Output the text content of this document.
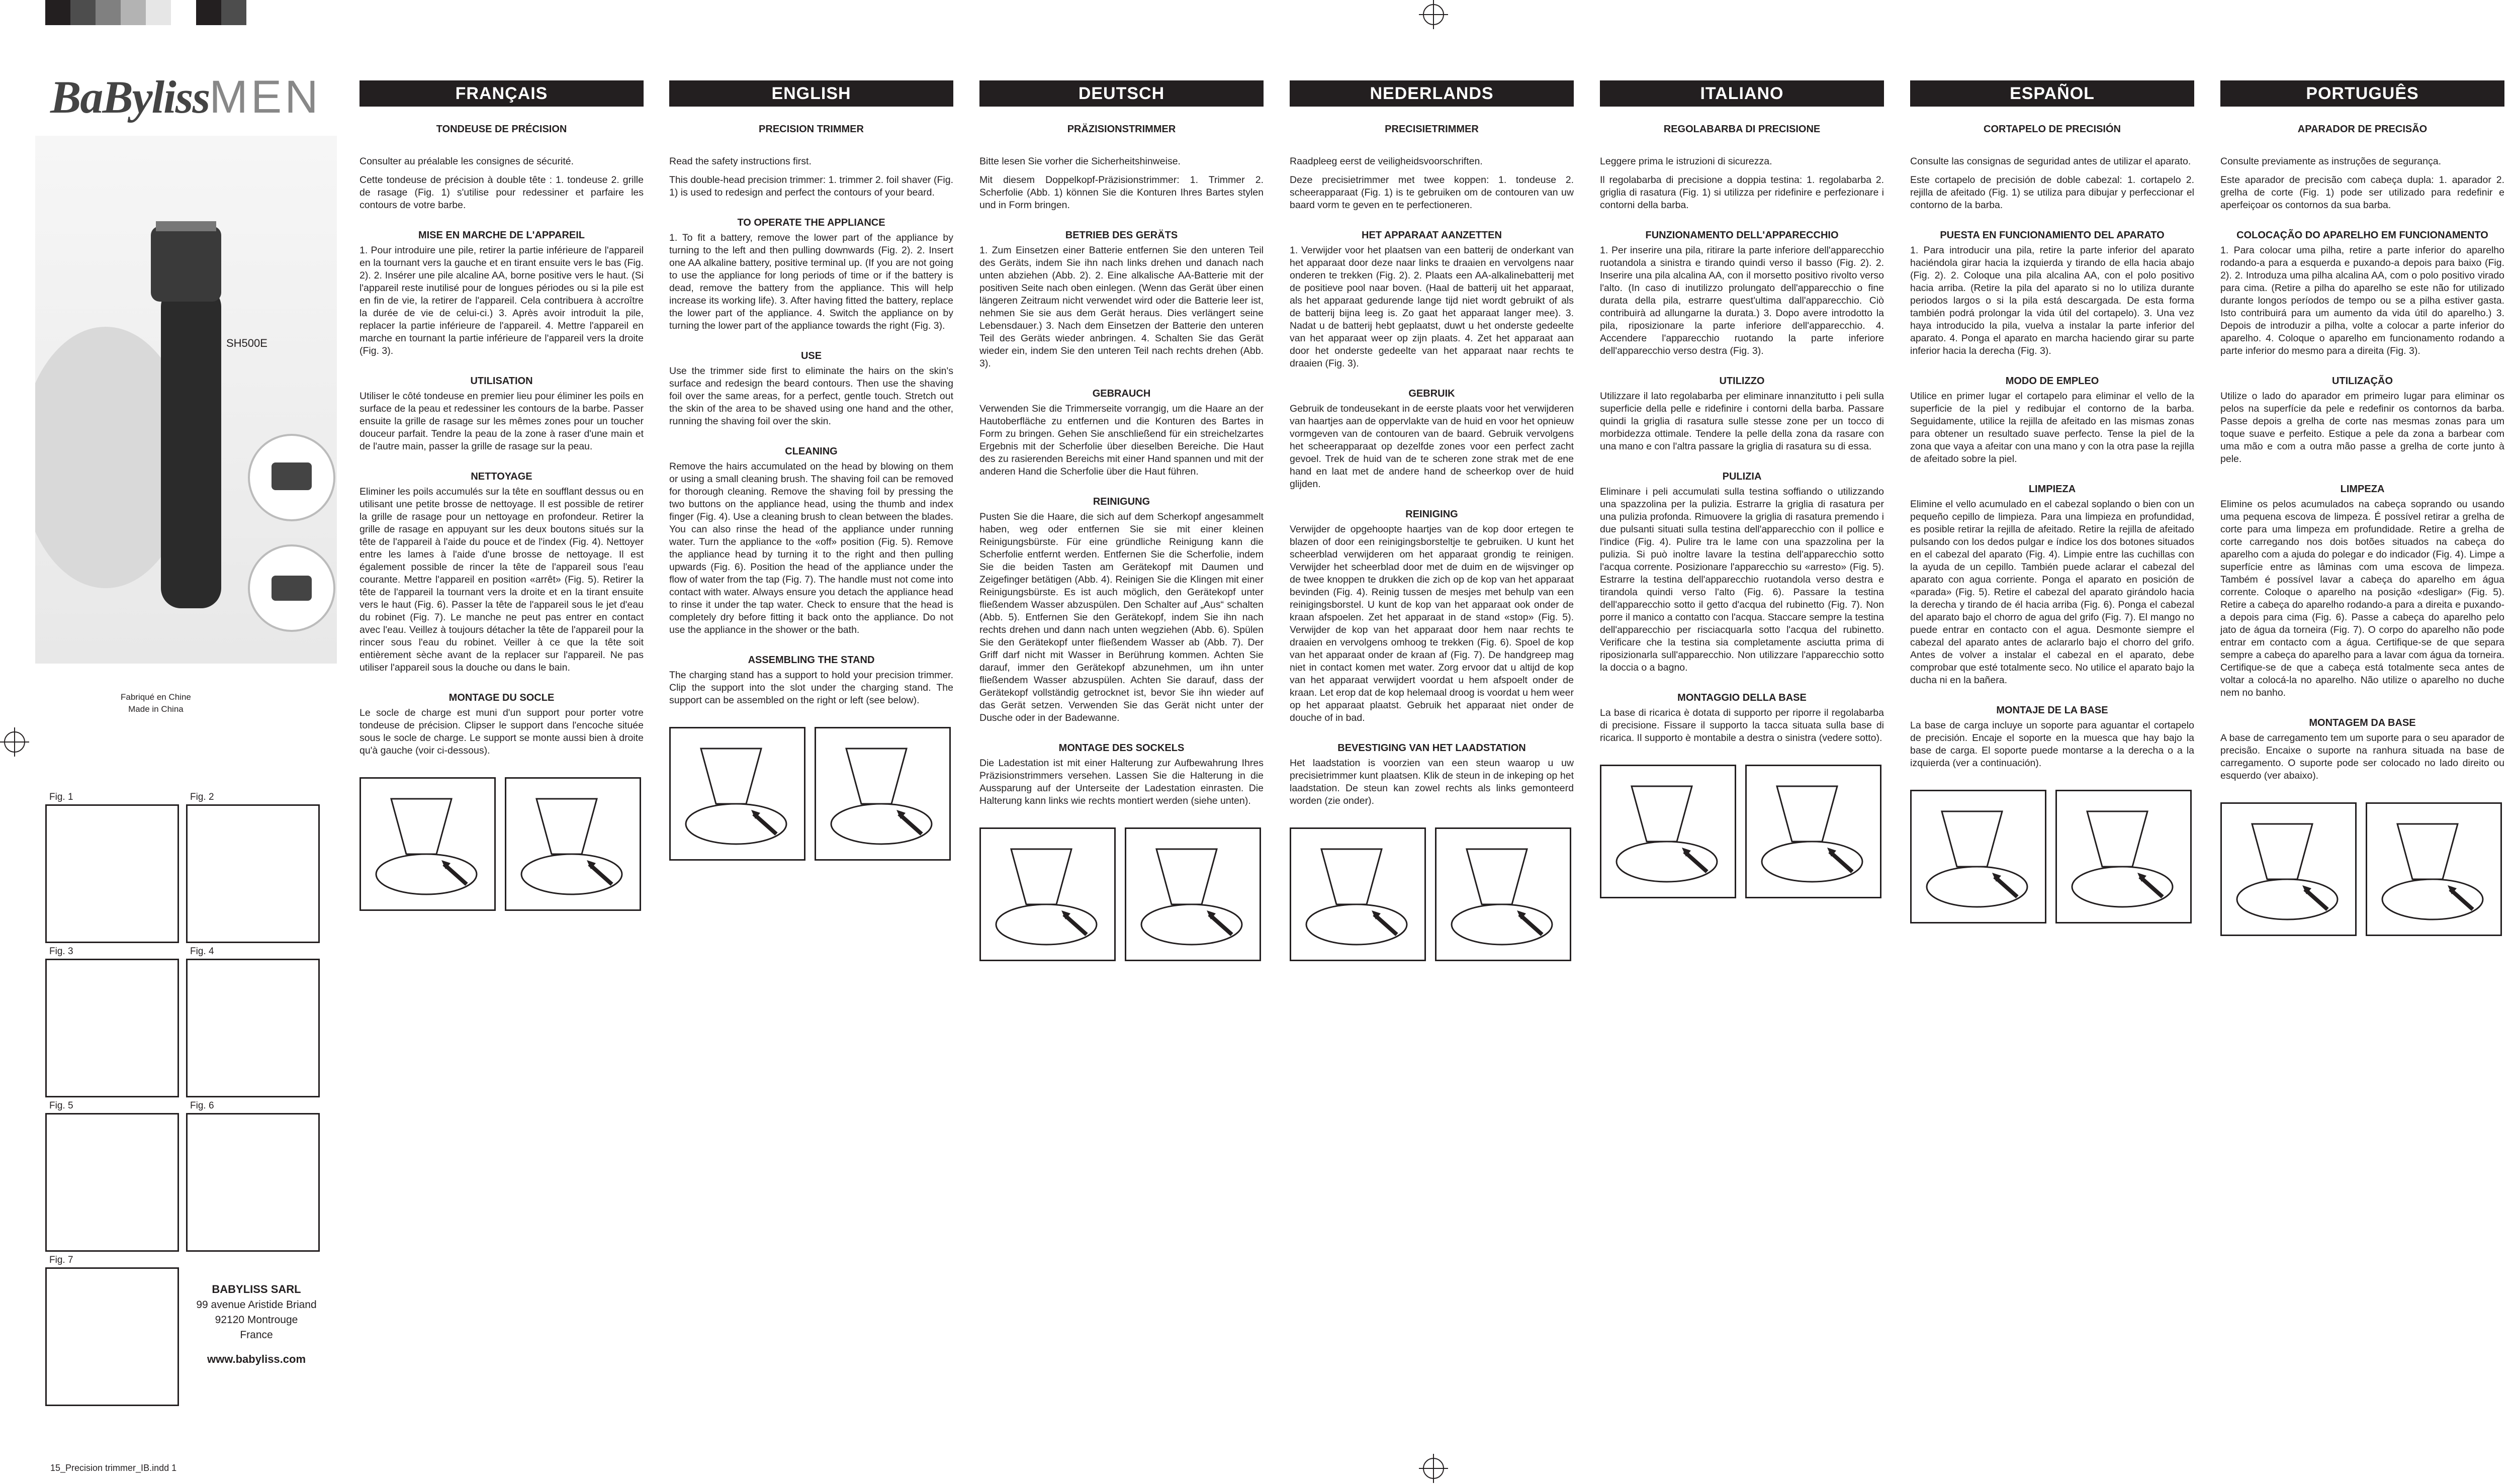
BaBylissMEN
SH500E
Fabriqué en Chine
Made in China
Fig. 1	Fig. 2
Fig. 3	Fig. 4
Fig. 5	Fig. 6
Fig. 7
BABYLISS SARL
99 avenue Aristide Briand
92120 Montrouge
France
www.babyliss.com
15_Precision trimmer_IB.indd 1
FRANÇAIS
TONDEUSE DE PRÉCISION
Consulter au préalable les consignes de sécurité.
Cette tondeuse de précision à double tête : 1. tondeuse 2. grille de rasage (Fig. 1) s'utilise pour redessiner et parfaire les contours de votre barbe.
MISE EN MARCHE DE L'APPAREIL
1. Pour introduire une pile, retirer la partie inférieure de l'appareil en la tournant vers la gauche et en tirant ensuite vers le bas (Fig. 2). 2. Insérer une pile alcaline AA, borne positive vers le haut. (Si l'appareil reste inutilisé pour de longues périodes ou si la pile est en fin de vie, la retirer de l'appareil. Cela contribuera à accroître la durée de vie de celui-ci.) 3. Après avoir introduit la pile, replacer la partie inférieure de l'appareil. 4. Mettre l'appareil en marche en tournant la partie inférieure de l'appareil vers la droite (Fig. 3).
UTILISATION
Utiliser le côté tondeuse en premier lieu pour éliminer les poils en surface de la peau et redessiner les contours de la barbe. Passer ensuite la grille de rasage sur les mêmes zones pour un toucher douceur parfait. Tendre la peau de la zone à raser d'une main et de l'autre main, passer la grille de rasage sur la peau.
NETTOYAGE
Eliminer les poils accumulés sur la tête en soufflant dessus ou en utilisant une petite brosse de nettoyage. Il est possible de retirer la grille de rasage pour un nettoyage en profondeur. Retirer la grille de rasage en appuyant sur les deux boutons situés sur la tête de l'appareil à l'aide du pouce et de l'index (Fig. 4). Nettoyer entre les lames à l'aide d'une brosse de nettoyage. Il est également possible de rincer la tête de l'appareil sous l'eau courante. Mettre l'appareil en position «arrêt» (Fig. 5). Retirer la tête de l'appareil la tournant vers la droite et en la tirant ensuite vers le haut (Fig. 6). Passer la tête de l'appareil sous le jet d'eau du robinet (Fig. 7). Le manche ne peut pas entrer en contact avec l'eau. Veillez à toujours détacher la tête de l'appareil pour la rincer sous l'eau du robinet. Veiller à ce que la tête soit entièrement sèche avant de la replacer sur l'appareil. Ne pas utiliser l'appareil sous la douche ou dans le bain.
MONTAGE DU SOCLE
Le socle de charge est muni d'un support pour porter votre tondeuse de précision. Clipser le support dans l'encoche située sous le socle de charge. Le support se monte aussi bien à droite qu'à gauche (voir ci-dessous).
ENGLISH
PRECISION TRIMMER
Read the safety instructions first.
This double-head precision trimmer: 1. trimmer 2. foil shaver (Fig. 1) is used to redesign and perfect the contours of your beard.
TO OPERATE THE APPLIANCE
1. To fit a battery, remove the lower part of the appliance by turning to the left and then pulling downwards (Fig. 2). 2. Insert one AA alkaline battery, positive terminal up. (If you are not going to use the appliance for long periods of time or if the battery is dead, remove the battery from the appliance. This will help increase its working life). 3. After having fitted the battery, replace the lower part of the appliance. 4. Switch the appliance on by turning the lower part of the appliance towards the right (Fig. 3).
USE
Use the trimmer side first to eliminate the hairs on the skin's surface and redesign the beard contours. Then use the shaving foil over the same areas, for a perfect, gentle touch. Stretch out the skin of the area to be shaved using one hand and the other, running the shaving foil over the skin.
CLEANING
Remove the hairs accumulated on the head by blowing on them or using a small cleaning brush. The shaving foil can be removed for thorough cleaning. Remove the shaving foil by pressing the two buttons on the appliance head, using the thumb and index finger (Fig. 4). Use a cleaning brush to clean between the blades. You can also rinse the head of the appliance under running water. Turn the appliance to the «off» position (Fig. 5). Remove the appliance head by turning it to the right and then pulling upwards (Fig. 6). Position the head of the appliance under the flow of water from the tap (Fig. 7). The handle must not come into contact with water. Always ensure you detach the appliance head to rinse it under the tap water. Check to ensure that the head is completely dry before fitting it back onto the appliance. Do not use the appliance in the shower or the bath.
ASSEMBLING THE STAND
The charging stand has a support to hold your precision trimmer. Clip the support into the slot under the charging stand. The support can be assembled on the right or left (see below).
DEUTSCH
PRÄZISIONSTRIMMER
Bitte lesen Sie vorher die Sicherheitshinweise.
Mit diesem Doppelkopf-Präzisionstrimmer: 1. Trimmer 2. Scherfolie (Abb. 1) können Sie die Konturen Ihres Bartes stylen und in Form bringen.
BETRIEB DES GERÄTS
1. Zum Einsetzen einer Batterie entfernen Sie den unteren Teil des Geräts, indem Sie ihn nach links drehen und danach nach unten abziehen (Abb. 2). 2. Eine alkalische AA-Batterie mit der positiven Seite nach oben einlegen. (Wenn das Gerät über einen längeren Zeitraum nicht verwendet wird oder die Batterie leer ist, nehmen Sie sie aus dem Gerät heraus. Dies verlängert seine Lebensdauer.) 3. Nach dem Einsetzen der Batterie den unteren Teil des Geräts wieder anbringen. 4. Schalten Sie das Gerät wieder ein, indem Sie den unteren Teil nach rechts drehen (Abb. 3).
GEBRAUCH
Verwenden Sie die Trimmerseite vorrangig, um die Haare an der Hautoberfläche zu entfernen und die Konturen des Bartes in Form zu bringen. Gehen Sie anschließend für ein streichelzartes Ergebnis mit der Scherfolie über dieselben Bereiche. Die Haut des zu rasierenden Bereichs mit einer Hand spannen und mit der anderen Hand die Scherfolie über die Haut führen.
REINIGUNG
Pusten Sie die Haare, die sich auf dem Scherkopf angesammelt haben, weg oder entfernen Sie sie mit einer kleinen Reinigungsbürste. Für eine gründliche Reinigung kann die Scherfolie entfernt werden. Entfernen Sie die Scherfolie, indem Sie die beiden Tasten am Gerätekopf mit Daumen und Zeigefinger betätigen (Abb. 4). Reinigen Sie die Klingen mit einer Reinigungsbürste. Es ist auch möglich, den Gerätekopf unter fließendem Wasser abzuspülen. Den Schalter auf „Aus“ schalten (Abb. 5). Entfernen Sie den Gerätekopf, indem Sie ihn nach rechts drehen und dann nach unten wegziehen (Abb. 6). Spülen Sie den Gerätekopf unter fließendem Wasser ab (Abb. 7). Der Griff darf nicht mit Wasser in Berührung kommen. Achten Sie darauf, immer den Gerätekopf abzunehmen, um ihn unter fließendem Wasser abzuspülen. Achten Sie darauf, dass der Gerätekopf vollständig getrocknet ist, bevor Sie ihn wieder auf das Gerät setzen. Verwenden Sie das Gerät nicht unter der Dusche oder in der Badewanne.
MONTAGE DES SOCKELS
Die Ladestation ist mit einer Halterung zur Aufbewahrung Ihres Präzisionstrimmers versehen. Lassen Sie die Halterung in die Aussparung auf der Unterseite der Ladestation einrasten. Die Halterung kann links wie rechts montiert werden (siehe unten).
NEDERLANDS
PRECISIETRIMMER
Raadpleeg eerst de veiligheidsvoorschriften.
Deze precisietrimmer met twee koppen: 1. tondeuse 2. scheerapparaat (Fig. 1) is te gebruiken om de contouren van uw baard vorm te geven en te perfectioneren.
HET APPARAAT AANZETTEN
1. Verwijder voor het plaatsen van een batterij de onderkant van het apparaat door deze naar links te draaien en vervolgens naar onderen te trekken (Fig. 2). 2. Plaats een AA-alkalinebatterij met de positieve pool naar boven. (Haal de batterij uit het apparaat, als het apparaat gedurende lange tijd niet wordt gebruikt of als de batterij bijna leeg is. Zo gaat het apparaat langer mee). 3. Nadat u de batterij hebt geplaatst, duwt u het onderste gedeelte van het apparaat weer op zijn plaats. 4. Zet het apparaat aan door het onderste gedeelte van het apparaat naar rechts te draaien (Fig. 3).
GEBRUIK
Gebruik de tondeusekant in de eerste plaats voor het verwijderen van haartjes aan de oppervlakte van de huid en voor het opnieuw vormgeven van de contouren van de baard. Gebruik vervolgens het scheerapparaat op dezelfde zones voor een perfect zacht gevoel. Trek de huid van de te scheren zone strak met de ene hand en laat met de andere hand de scheerkop over de huid glijden.
REINIGING
Verwijder de opgehoopte haartjes van de kop door ertegen te blazen of door een reinigingsborsteltje te gebruiken. U kunt het scheerblad verwijderen om het apparaat grondig te reinigen. Verwijder het scheerblad door met de duim en de wijsvinger op de twee knoppen te drukken die zich op de kop van het apparaat bevinden (Fig. 4). Reinig tussen de mesjes met behulp van een reinigingsborstel. U kunt de kop van het apparaat ook onder de kraan afspoelen. Zet het apparaat in de stand «stop» (Fig. 5). Verwijder de kop van het apparaat door hem naar rechts te draaien en vervolgens omhoog te trekken (Fig. 6). Spoel de kop van het apparaat onder de kraan af (Fig. 7). De handgreep mag niet in contact komen met water. Zorg ervoor dat u altijd de kop van het apparaat verwijdert voordat u hem afspoelt onder de kraan. Let erop dat de kop helemaal droog is voordat u hem weer op het apparaat plaatst. Gebruik het apparaat niet onder de douche of in bad.
BEVESTIGING VAN HET LAADSTATION
Het laadstation is voorzien van een steun waarop u uw precisietrimmer kunt plaatsen. Klik de steun in de inkeping op het laadstation. De steun kan zowel rechts als links gemonteerd worden (zie onder).
ITALIANO
REGOLABARBA DI PRECISIONE
Leggere prima le istruzioni di sicurezza.
Il regolabarba di precisione a doppia testina: 1. regolabarba 2. griglia di rasatura (Fig. 1) si utilizza per ridefinire e perfezionare i contorni della barba.
FUNZIONAMENTO DELL'APPARECCHIO
1. Per inserire una pila, ritirare la parte inferiore dell'apparecchio ruotandola a sinistra e tirando quindi verso il basso (Fig. 2). 2. Inserire una pila alcalina AA, con il morsetto positivo rivolto verso l'alto. (In caso di inutilizzo prolungato dell'apparecchio o fine durata della pila, estrarre quest'ultima dall'apparecchio. Ciò contribuirà ad allungarne la durata.) 3. Dopo avere introdotto la pila, riposizionare la parte inferiore dell'apparecchio. 4. Accendere l'apparecchio ruotando la parte inferiore dell'apparecchio verso destra (Fig. 3).
UTILIZZO
Utilizzare il lato regolabarba per eliminare innanzitutto i peli sulla superficie della pelle e ridefinire i contorni della barba. Passare quindi la griglia di rasatura sulle stesse zone per un tocco di morbidezza ottimale. Tendere la pelle della zona da rasare con una mano e con l'altra passare la griglia di rasatura su di essa.
PULIZIA
Eliminare i peli accumulati sulla testina soffiando o utilizzando una spazzolina per la pulizia. Estrarre la griglia di rasatura per una pulizia profonda. Rimuovere la griglia di rasatura premendo i due pulsanti situati sulla testina dell'apparecchio con il pollice e l'indice (Fig. 4). Pulire tra le lame con una spazzolina per la pulizia. Si può inoltre lavare la testina dell'apparecchio sotto l'acqua corrente. Posizionare l'apparecchio su «arresto» (Fig. 5). Estrarre la testina dell'apparecchio ruotandola verso destra e tirandola quindi verso l'alto (Fig. 6). Passare la testina dell'apparecchio sotto il getto d'acqua del rubinetto (Fig. 7). Non porre il manico a contatto con l'acqua. Staccare sempre la testina dell'apparecchio per risciacquarla sotto l'acqua del rubinetto. Verificare che la testina sia completamente asciutta prima di riposizionarla sull'apparecchio. Non utilizzare l'apparecchio sotto la doccia o a bagno.
MONTAGGIO DELLA BASE
La base di ricarica è dotata di supporto per riporre il regolabarba di precisione. Fissare il supporto la tacca situata sulla base di ricarica. Il supporto è montabile a destra o sinistra (vedere sotto).
ESPAÑOL
CORTAPELO DE PRECISIÓN
Consulte las consignas de seguridad antes de utilizar el aparato.
Este cortapelo de precisión de doble cabezal: 1. cortapelo 2. rejilla de afeitado (Fig. 1) se utiliza para dibujar y perfeccionar el contorno de la barba.
PUESTA EN FUNCIONAMIENTO DEL APARATO
1. Para introducir una pila, retire la parte inferior del aparato haciéndola girar hacia la izquierda y tirando de ella hacia abajo (Fig. 2). 2. Coloque una pila alcalina AA, con el polo positivo hacia arriba. (Retire la pila del aparato si no lo utiliza durante periodos largos o si la pila está descargada. De esta forma también podrá prolongar la vida útil del cortapelo). 3. Una vez haya introducido la pila, vuelva a instalar la parte inferior del aparato. 4. Ponga el aparato en marcha haciendo girar su parte inferior hacia la derecha (Fig. 3).
MODO DE EMPLEO
Utilice en primer lugar el cortapelo para eliminar el vello de la superficie de la piel y redibujar el contorno de la barba. Seguidamente, utilice la rejilla de afeitado en las mismas zonas para obtener un resultado suave perfecto. Tense la piel de la zona que vaya a afeitar con una mano y con la otra pase la rejilla de afeitado sobre la piel.
LIMPIEZA
Elimine el vello acumulado en el cabezal soplando o bien con un pequeño cepillo de limpieza. Para una limpieza en profundidad, es posible retirar la rejilla de afeitado. Retire la rejilla de afeitado pulsando con los dedos pulgar e índice los dos botones situados en el cabezal del aparato (Fig. 4). Limpie entre las cuchillas con la ayuda de un cepillo. También puede aclarar el cabezal del aparato con agua corriente. Ponga el aparato en posición de «parada» (Fig. 5). Retire el cabezal del aparato girándolo hacia la derecha y tirando de él hacia arriba (Fig. 6). Ponga el cabezal del aparato bajo el chorro de agua del grifo (Fig. 7). El mango no puede entrar en contacto con el agua. Desmonte siempre el cabezal del aparato antes de aclararlo bajo el chorro del grifo. Antes de volver a instalar el cabezal en el aparato, debe comprobar que esté totalmente seco. No utilice el aparato bajo la ducha ni en la bañera.
MONTAJE DE LA BASE
La base de carga incluye un soporte para aguantar el cortapelo de precisión. Encaje el soporte en la muesca que hay bajo la base de carga. El soporte puede montarse a la derecha o a la izquierda (ver a continuación).
PORTUGUÊS
APARADOR DE PRECISÃO
Consulte previamente as instruções de segurança.
Este aparador de precisão com cabeça dupla: 1. aparador 2. grelha de corte (Fig. 1) pode ser utilizado para redefinir e aperfeiçoar os contornos da sua barba.
COLOCAÇÃO DO APARELHO EM FUNCIONAMENTO
1. Para colocar uma pilha, retire a parte inferior do aparelho rodando-a para a esquerda e puxando-a depois para baixo (Fig. 2). 2. Introduza uma pilha alcalina AA, com o polo positivo virado para cima. (Retire a pilha do aparelho se este não for utilizado durante longos períodos de tempo ou se a pilha estiver gasta. Isto contribuirá para um aumento da vida útil do aparelho.) 3. Depois de introduzir a pilha, volte a colocar a parte inferior do aparelho. 4. Coloque o aparelho em funcionamento rodando a parte inferior do mesmo para a direita (Fig. 3).
UTILIZAÇÃO
Utilize o lado do aparador em primeiro lugar para eliminar os pelos na superfície da pele e redefinir os contornos da barba. Passe depois a grelha de corte nas mesmas zonas para um toque suave e perfeito. Estique a pele da zona a barbear com uma mão e com a outra mão passe a grelha de corte junto à pele.
LIMPEZA
Elimine os pelos acumulados na cabeça soprando ou usando uma pequena escova de limpeza. É possível retirar a grelha de corte para uma limpeza em profundidade. Retire a grelha de corte carregando nos dois botões situados na cabeça do aparelho com a ajuda do polegar e do indicador (Fig. 4). Limpe a superfície entre as lâminas com uma escova de limpeza. Também é possível lavar a cabeça do aparelho em água corrente. Coloque o aparelho na posição «desligar» (Fig. 5). Retire a cabeça do aparelho rodando-a para a direita e puxando-a depois para cima (Fig. 6). Passe a cabeça do aparelho pelo jato de água da torneira (Fig. 7). O corpo do aparelho não pode entrar em contacto com a água. Certifique-se de que separa sempre a cabeça do aparelho para a lavar com água da torneira. Certifique-se de que a cabeça está totalmente seca antes de voltar a colocá-la no aparelho. Não utilize o aparelho no duche nem no banho.
MONTAGEM DA BASE
A base de carregamento tem um suporte para o seu aparador de precisão. Encaixe o suporte na ranhura situada na base de carregamento. O suporte pode ser colocado no lado direito ou esquerdo (ver abaixo).
